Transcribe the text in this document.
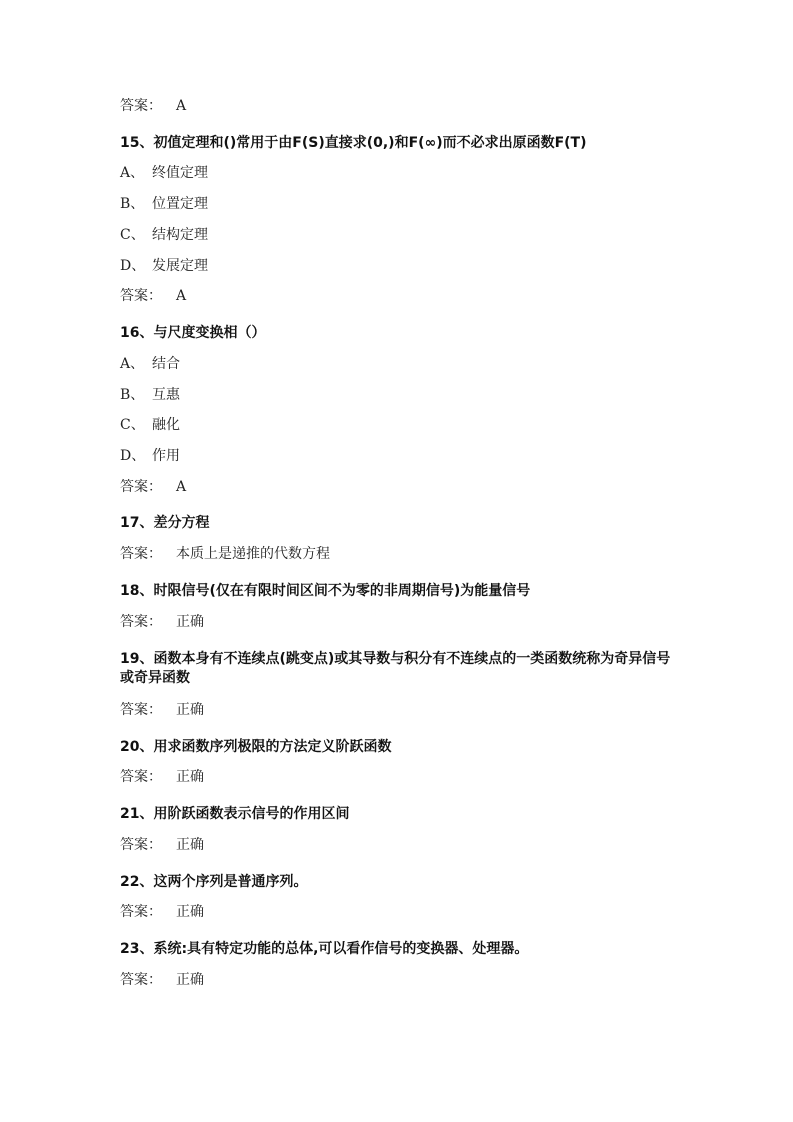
答案： A
15、初值定理和()常用于由F(S)直接求(0,)和F(∞)而不必求出原函数F(T)
A、 终值定理
B、 位置定理
C、 结构定理
D、 发展定理
答案： A
16、与尺度变换相（）
A、 结合
B、 互惠
C、 融化
D、 作用
答案： A
17、差分方程
答案： 本质上是递推的代数方程
18、时限信号(仅在有限时间区间不为零的非周期信号)为能量信号
答案： 正确
19、函数本身有不连续点(跳变点)或其导数与积分有不连续点的一类函数统称为奇异信号或奇异函数
答案： 正确
20、用求函数序列极限的方法定义阶跃函数
答案： 正确
21、用阶跃函数表示信号的作用区间
答案： 正确
22、这两个序列是普通序列。
答案： 正确
23、系统:具有特定功能的总体,可以看作信号的变换器、处理器。
答案： 正确
